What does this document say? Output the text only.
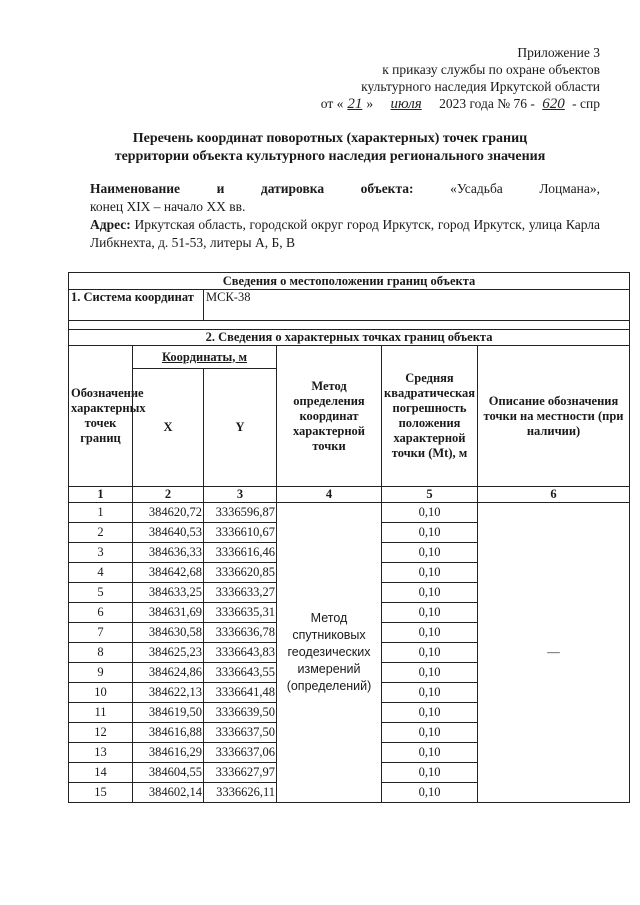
Приложение 3
к приказу службы по охране объектов
культурного наследия Иркутской области
от « 21 » июля 2023 года № 76 - 620 - спр
Перечень координат поворотных (характерных) точек границ
территории объекта культурного наследия регионального значения
Наименование	и	датировка	объекта:	«Усадьба	Лоцмана»,
конец XIX – начало XX вв.
Адрес: Иркутская область, городской округ город Иркутск, город Иркутск, улица Карла Либкнехта, д. 51-53, литеры А, Б, В
Сведения о местоположении границ объекта					
1. Система координат		МСК-38			

2. Сведения о характерных точках границ объекта					
Обозначение характерных точек границ	Координаты, м		Метод определения координат характерной точки	Средняя квадратическая погрешность положения характерной точки (Mt), м	Описание обозначения точки на местности (при наличии)
	X	Y			
1	2	3	4	5	6
1	384620,72	3336596,87	Метод спутниковых геодезических измерений (определений)	0,10	—
2	384640,53	3336610,67		0,10	
3	384636,33	3336616,46		0,10	
4	384642,68	3336620,85		0,10	
5	384633,25	3336633,27		0,10	
6	384631,69	3336635,31		0,10	
7	384630,58	3336636,78		0,10	
8	384625,23	3336643,83		0,10	
9	384624,86	3336643,55		0,10	
10	384622,13	3336641,48		0,10	
11	384619,50	3336639,50		0,10	
12	384616,88	3336637,50		0,10	
13	384616,29	3336637,06		0,10	
14	384604,55	3336627,97		0,10	
15	384602,14	3336626,11		0,10	
